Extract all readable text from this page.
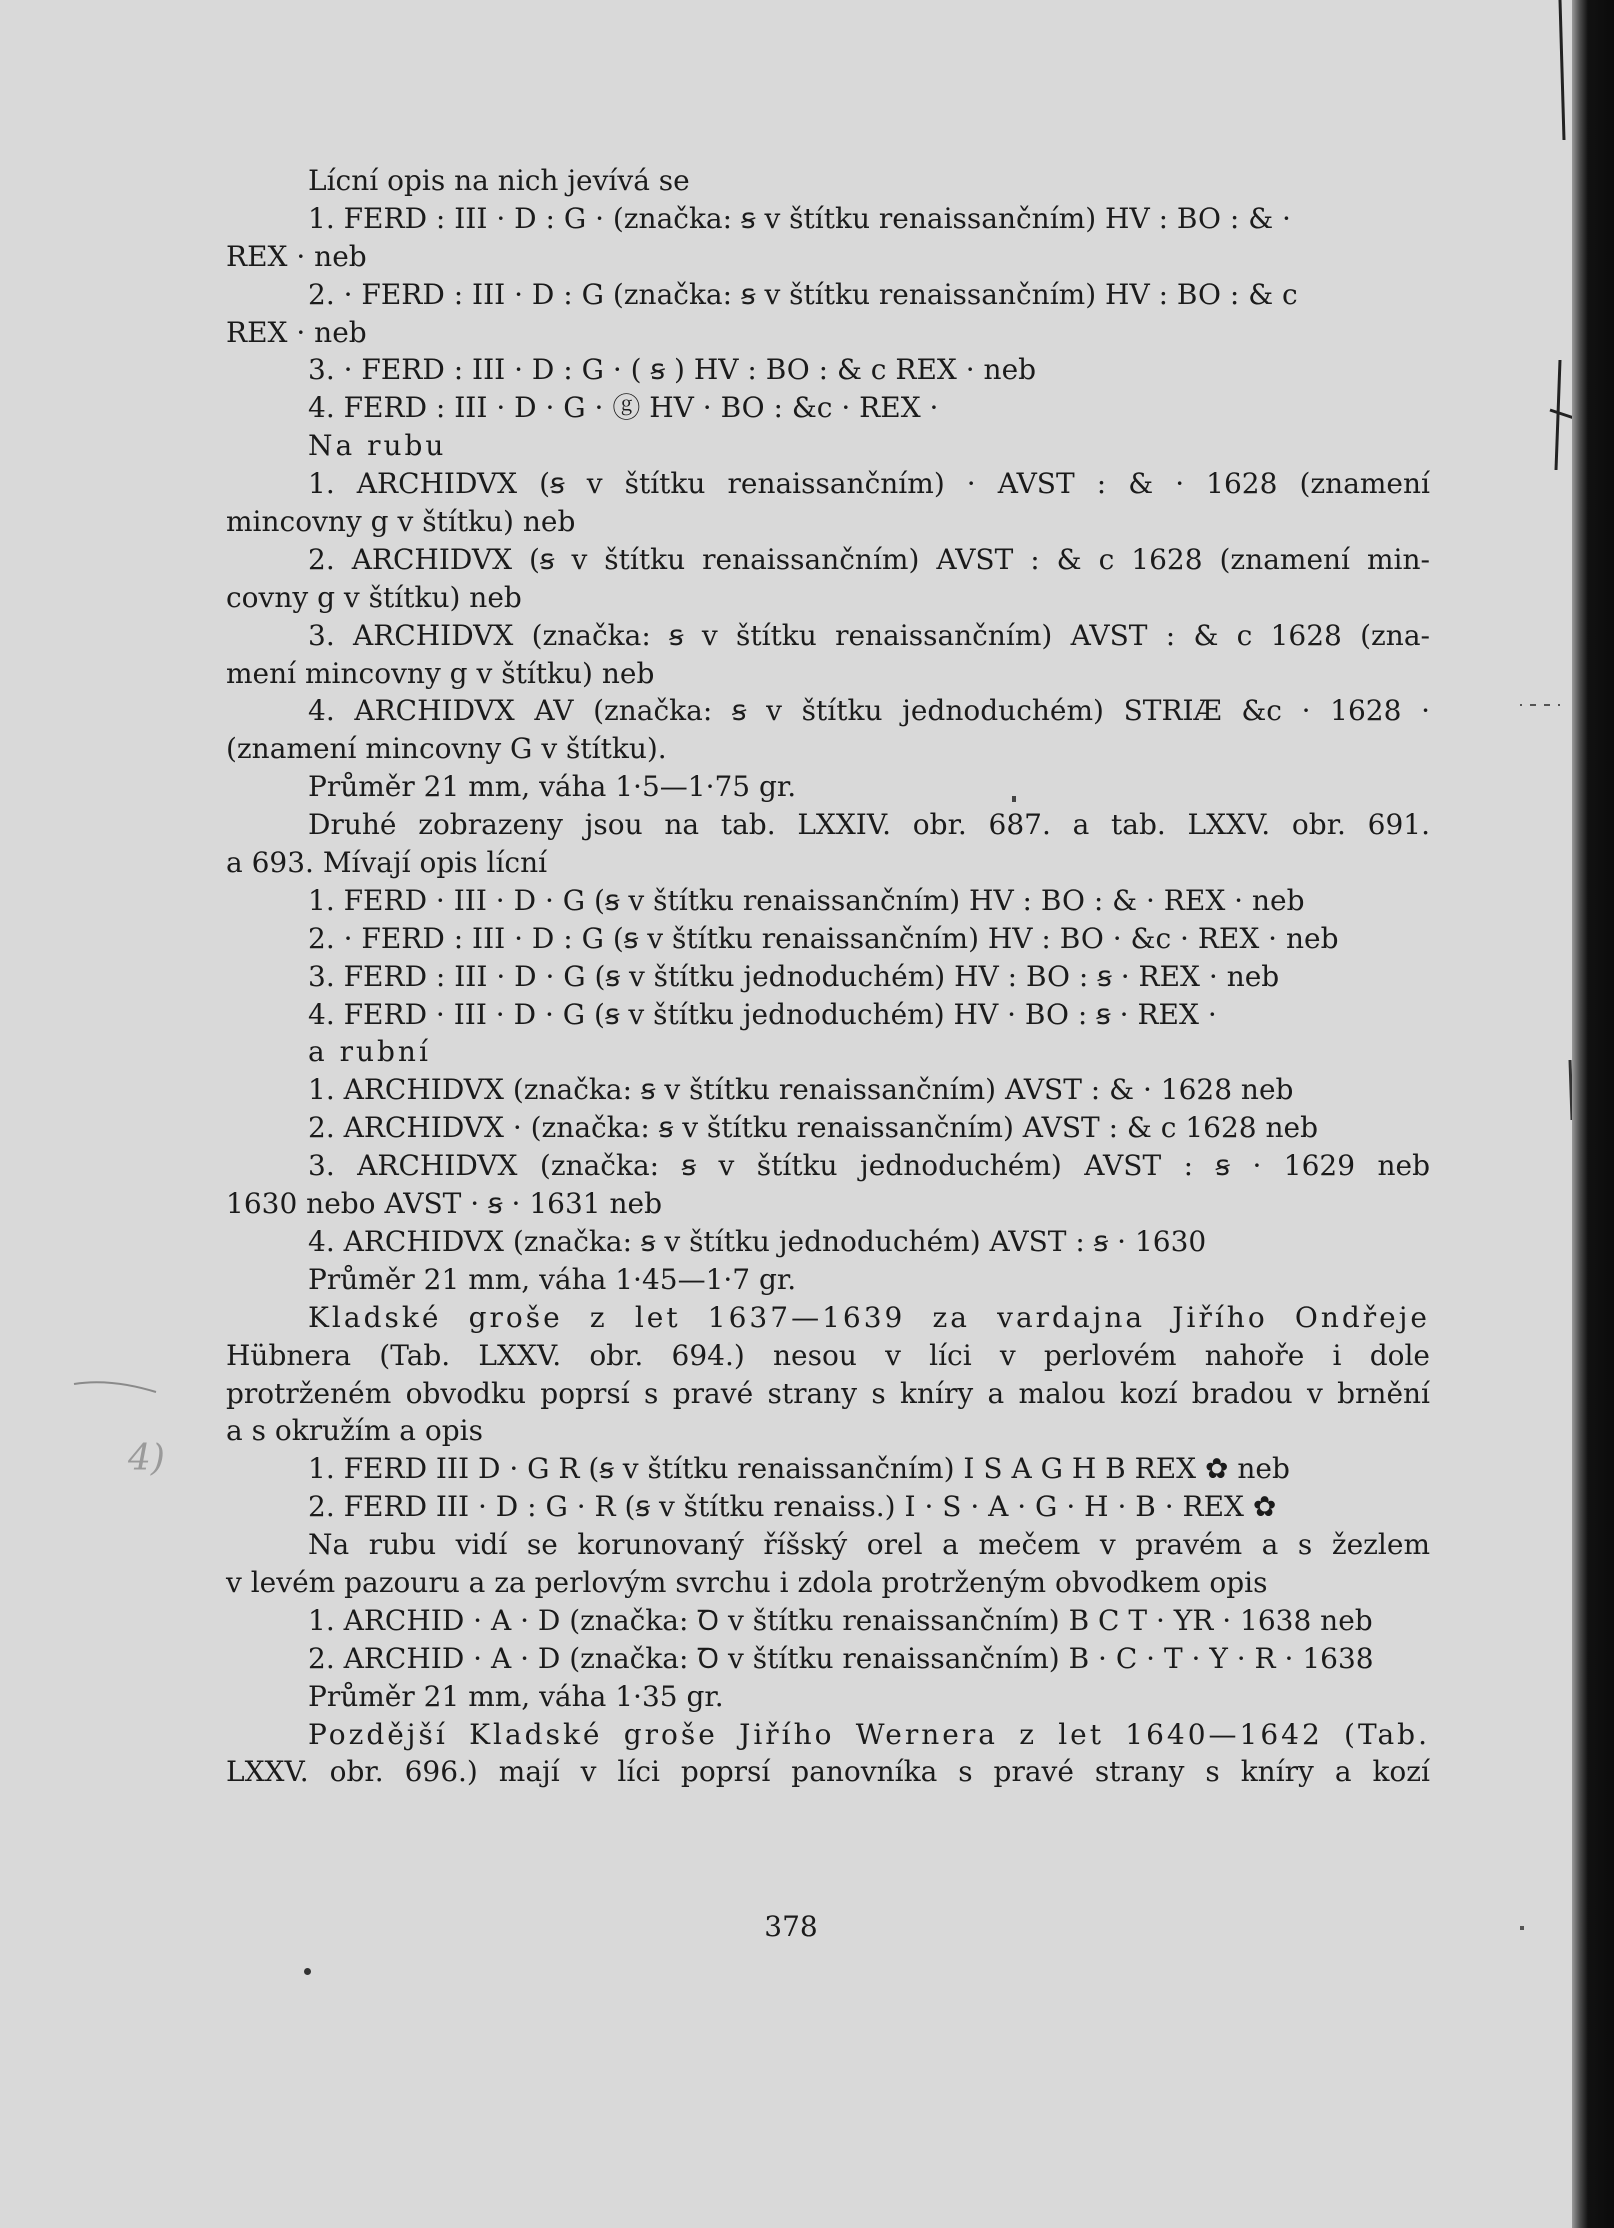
Lícní opis na nich jevívá se
1. FERD : III · D : G · (značka: ꞩ v štítku renaissančním) HV : BO : & ·
REX · neb
2. · FERD : III · D : G (značka: ꞩ v štítku renaissančním) HV : BO : & c
REX · neb
3. · FERD : III · D : G · ( ꞩ ) HV : BO : & c REX · neb
4. FERD : III · D · G · ⓖ HV · BO : &c · REX ·
Na rubu
1. ARCHIDVX (ꞩ v štítku renaissančním) · AVST : & · 1628 (znamení
mincovny g v štítku) neb
2. ARCHIDVX (ꞩ v štítku renaissančním) AVST : & c 1628 (znamení min-
covny g v štítku) neb
3. ARCHIDVX (značka: ꞩ v štítku renaissančním) AVST : & c 1628 (zna-
mení mincovny g v štítku) neb
4. ARCHIDVX AV (značka: ꞩ v štítku jednoduchém) STRIÆ &c · 1628 ·
(znamení mincovny G v štítku).
Průměr 21 mm, váha 1·5—1·75 gr.
Druhé zobrazeny jsou na tab. LXXIV. obr. 687. a tab. LXXV. obr. 691.
a 693. Mívají opis lícní
1. FERD · III · D · G (ꞩ v štítku renaissančním) HV : BO : & · REX · neb
2. · FERD : III · D : G (ꞩ v štítku renaissančním) HV : BO · &c · REX · neb
3. FERD : III · D · G (ꞩ v štítku jednoduchém) HV : BO : ꞩ · REX · neb
4. FERD · III · D · G (ꞩ v štítku jednoduchém) HV · BO : ꞩ · REX ·
a rubní
1. ARCHIDVX (značka: ꞩ v štítku renaissančním) AVST : & · 1628 neb
2. ARCHIDVX · (značka: ꞩ v štítku renaissančním) AVST : & c 1628 neb
3. ARCHIDVX (značka: ꞩ v štítku jednoduchém) AVST : ꞩ · 1629 neb
1630 nebo AVST · ꞩ · 1631 neb
4. ARCHIDVX (značka: ꞩ v štítku jednoduchém) AVST : ꞩ · 1630
Průměr 21 mm, váha 1·45—1·7 gr.
Kladské groše z let 1637—1639 za vardajna Jiřího Ondřeje
Hübnera (Tab. LXXV. obr. 694.) nesou v líci v perlovém nahoře i dole
protrženém obvodku poprsí s pravé strany s kníry a malou kozí bradou v brnění
a s okružím a opis
1. FERD III D · G R (ꞩ v štítku renaissančním) I S A G H B REX ✿ neb
2. FERD III · D : G · R (ꞩ v štítku renaiss.) I · S · A · G · H · B · REX ✿
Na rubu vidí se korunovaný říšský orel a mečem v pravém a s žezlem
v levém pazouru a za perlovým svrchu i zdola protrženým obvodkem opis
1. ARCHID · A · D (značka: Ꝺ v štítku renaissančním) B C T · YR · 1638 neb
2. ARCHID · A · D (značka: Ꝺ v štítku renaissančním) B · C · T · Y · R · 1638
Průměr 21 mm, váha 1·35 gr.
Pozdější Kladské groše Jiřího Wernera z let 1640—1642 (Tab.
LXXV. obr. 696.) mají v líci poprsí panovníka s pravé strany s kníry a kozí
378
4)
